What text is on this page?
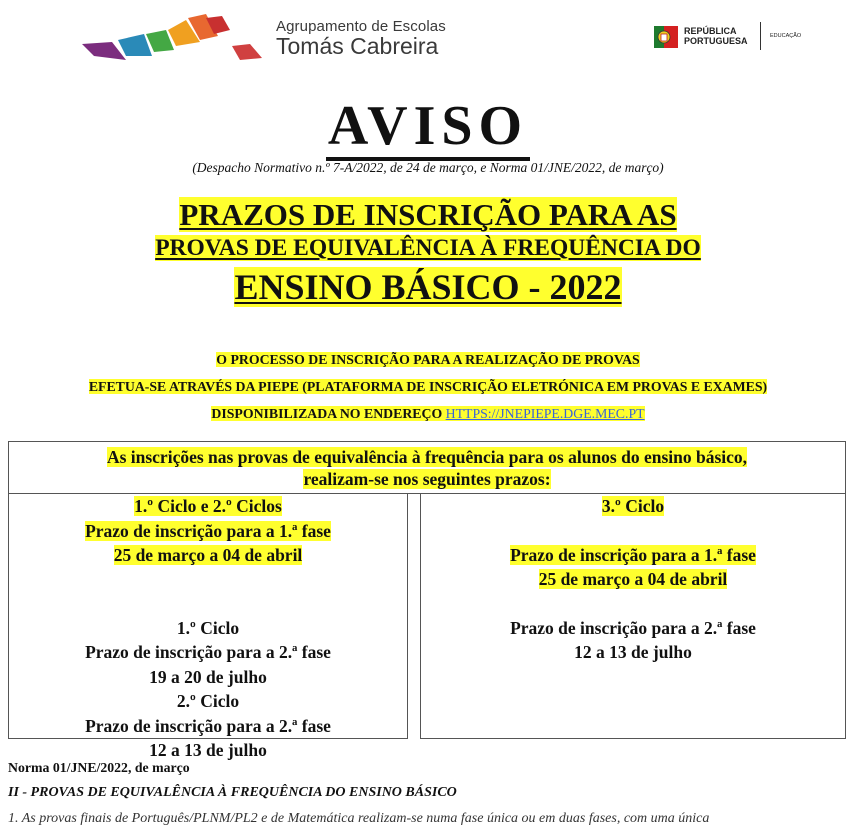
Agrupamento de Escolas
Tomás Cabreira
REPÚBLICA
PORTUGUESA	EDUCAÇÃO
AVISO
(Despacho Normativo n.º 7-A/2022, de 24 de março, e Norma 01/JNE/2022, de março)
PRAZOS DE INSCRIÇÃO PARA AS
PROVAS DE EQUIVALÊNCIA À FREQUÊNCIA DO
ENSINO BÁSICO - 2022
O PROCESSO DE INSCRIÇÃO PARA A REALIZAÇÃO DE PROVAS
EFETUA-SE ATRAVÉS DA PIEPE (PLATAFORMA DE INSCRIÇÃO ELETRÓNICA EM PROVAS E EXAMES)
DISPONIBILIZADA NO ENDEREÇO HTTPS://JNEPIEPE.DGE.MEC.PT
As inscrições nas provas de equivalência à frequência para os alunos do ensino básico,
realizam-se nos seguintes prazos:
1.º Ciclo e 2.º Ciclos
Prazo de inscrição para a 1.ª fase
25 de março a 04 de abril
1.º Ciclo
Prazo de inscrição para a 2.ª fase
19 a 20 de julho
2.º Ciclo
Prazo de inscrição para a 2.ª fase
12 a 13 de julho
3.º Ciclo
Prazo de inscrição para a 1.ª fase
25 de março a 04 de abril
Prazo de inscrição para a 2.ª fase
12 a 13 de julho
Norma 01/JNE/2022, de março
II - PROVAS DE EQUIVALÊNCIA À FREQUÊNCIA DO ENSINO BÁSICO
1. As provas finais de Português/PLNM/PL2 e de Matemática realizam-se numa fase única ou em duas fases, com uma única
